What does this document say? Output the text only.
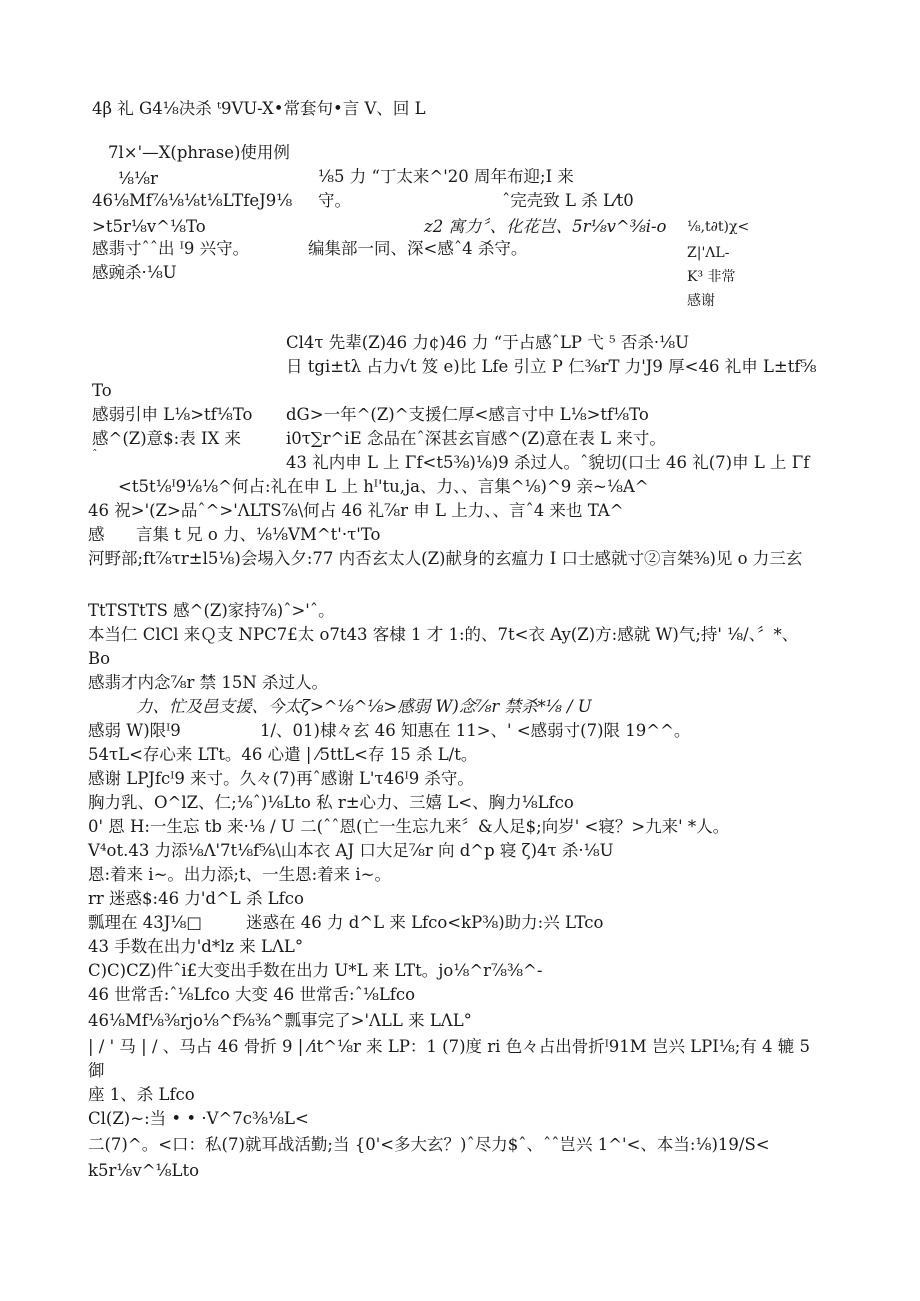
4β 礼 G4⅛决杀 ᵗ9VU-X•常套句•言 V、回 L
7l×'—X(phrase)使用例
⅛⅛r
46⅛Mf⅞⅛⅛t⅛LTfeJ9⅛
>t5r⅛v^⅛To
感翡寸ˆˆ出 ᴵ9 兴守。
感豌杀·⅛U
⅛5 力 “丁太来^'20 周年布迎;I 来
守。	ˆ完壳致 L 杀 L⁄t0
z2 寓力〞、化花岂、5r⅛v^⅜i-o
编集部一同、深<感ˆ4 杀守。
⅛,t∂t)χ<
Z|'ΛL-
K³ 非常
感谢
Cl4τ 先辈(Z)46 力¢)46 力 “于占感ˆLP 弋 ⁵ 否杀·⅛U
日 tgi±tλ 占力√t 笈 e)比 Lfe 引立 P 仁⅜rT 力'J9 厚<46 礼申 L±tf⅝
To
感弱引申 L⅛>tf⅛To dG>一年^(Z)^支援仁厚<感言寸中 L⅛>tf⅛To
感^(Z)意$:表 IX 来	i0τ∑r^iE 念品在ˆ深甚玄盲感^(Z)意在表 L 来寸。
ˆ	43 礼内申 L 上 Γf<t5⅜)⅛)9 杀过人。ˆ貌切(口士 46 礼(7)申 L 上 Γf
<t5t⅛ᴵ9⅛⅛^何占:礼在申 L 上 hᴵ'tu,ja、力、、言集^⅛)^9 亲~⅛A^
46 祝>'(Z>品ˆ^>'ΛLTS⅞\何占 46 礼⅞r 申 L 上力、、言ˆ4 来也 TA^
感 言集 t 兄 o 力、⅛⅛VM^t'·τ'To
河野部;ft⅞τr±l5⅛)会埸入夕:77 内否玄太人(Z)献身的玄瘟力 I 口士感就寸②言桀⅜)见 o 力三玄
TtTSTtTS 感^(Z)家持⅞)ˆ>'ˆ。
本当仁 ClCl 来Ｑ支 NPC7£太 o7t43 客棣 1 才 1:的、7t<衣 Ay(Z)方:感就 W)气;持' ⅛/、〞*、
Bo
感翡才内念⅞r 禁 15N 杀过人。
力、忙及邑支援、今太ζ>^⅛^⅛>感弱 W)念⅞r 禁杀*⅛ / U
感弱 W)限ᴵ9	1/、01)棣々玄 46 知惠在 11>、' <感弱寸(7)限 19^^。
54τL<存心来 LTt。46 心遣 | ⁄5ttL<存 15 杀 L/t。
感谢 LPJfcᴵ9 来寸。久々(7)再ˆ感谢 L'τ46ᴵ9 杀守。
胸力乳、O^lZ、仁;⅛ˆ)⅛Lto 私 r±心力、三嬉 L<、胸力⅛Lfco
0' 恩 H:一生忘 tb 来·⅛ / U 二(ˆˆ恩(亡一生忘九来〞&人足$;向岁' <寝？>九来' *人。
V⁴ot.43 力添⅛Λ'7t⅛f⅝\山本衣 AJ 口大足⅞r 向 d^p 寝 ζ)4τ 杀·⅛U
恩:着来 i~。出力添;t、一生恩:着来 i~。
rr 迷惑$:46 力'd^L 杀 Lfco
瓢理在 43J⅛□	迷惑在 46 力 d^L 来 Lfco<kP⅜)助力:兴 LTco
43 手数在出力'd*lz 来 LΛL°
C)C)CZ)件ˆi£大变出手数在出力 U*L 来 LTt。jo⅛^r⅞⅜^-
46 世常舌:ˆ⅛Lfco 大变 46 世常舌:ˆ⅛Lfco
46⅛Mf⅛⅜rjo⅛^f⅝⅜^瓢事完了>'ΛLL 来 LΛL°
| / ' 马 | / 、马占 46 骨折 9 | ⁄it^⅛r 来 LP：1 (7)度 ri 色々占出骨折ᴵ91M 岂兴 LPI⅛;有 4 辘 5
御
座 1、杀 Lfco
Cl(Z)~:当 • • ·V^7c⅜⅛L<
二(7)^。<口：私(7)就耳战活勤;当 {0'<多大玄？)ˆ尽力$ˆ、ˆˆ岂兴 1^'<、本当:⅛)19/S<
k5r⅛v^⅛Lto
